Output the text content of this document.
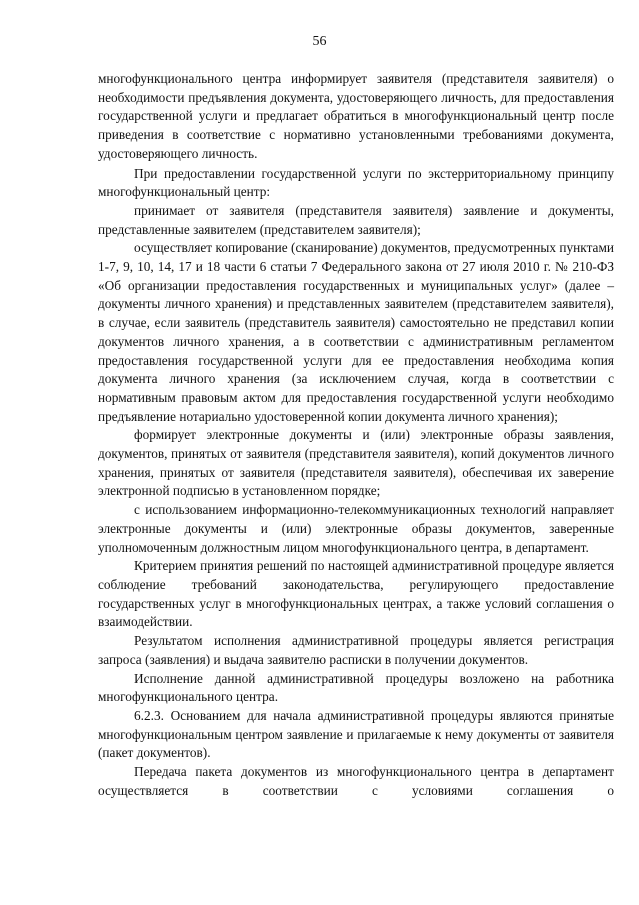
56

многофункционального центра информирует заявителя (представителя заявителя) о необходимости предъявления документа, удостоверяющего личность, для предоставления государственной услуги и предлагает обратиться в многофункциональный центр после приведения в соответствие с нормативно установленными требованиями документа, удостоверяющего личность.

При предоставлении государственной услуги по экстерриториальному принципу многофункциональный центр:

принимает от заявителя (представителя заявителя) заявление и документы, представленные заявителем (представителем заявителя);

осуществляет копирование (сканирование) документов, предусмотренных пунктами 1-7, 9, 10, 14, 17 и 18 части 6 статьи 7 Федерального закона от 27 июля 2010 г. № 210-ФЗ «Об организации предоставления государственных и муниципальных услуг» (далее – документы личного хранения) и представленных заявителем (представителем заявителя), в случае, если заявитель (представитель заявителя) самостоятельно не представил копии документов личного хранения, а в соответствии с административным регламентом предоставления государственной услуги для ее предоставления необходима копия документа личного хранения (за исключением случая, когда в соответствии с нормативным правовым актом для предоставления государственной услуги необходимо предъявление нотариально удостоверенной копии документа личного хранения);

формирует электронные документы и (или) электронные образы заявления, документов, принятых от заявителя (представителя заявителя), копий документов личного хранения, принятых от заявителя (представителя заявителя), обеспечивая их заверение электронной подписью в установленном порядке;

с использованием информационно-телекоммуникационных технологий направляет электронные документы и (или) электронные образы документов, заверенные уполномоченным должностным лицом многофункционального центра, в департамент.

Критерием принятия решений по настоящей административной процедуре является соблюдение требований законодательства, регулирующего предоставление государственных услуг в многофункциональных центрах, а также условий соглашения о взаимодействии.

Результатом исполнения административной процедуры является регистрация запроса (заявления) и выдача заявителю расписки в получении документов.

Исполнение данной административной процедуры возложено на работника многофункционального центра.

6.2.3. Основанием для начала административной процедуры являются принятые многофункциональным центром заявление и прилагаемые к нему документы от заявителя (пакет документов).

Передача пакета документов из многофункционального центра в департамент осуществляется в соответствии с условиями соглашения о
